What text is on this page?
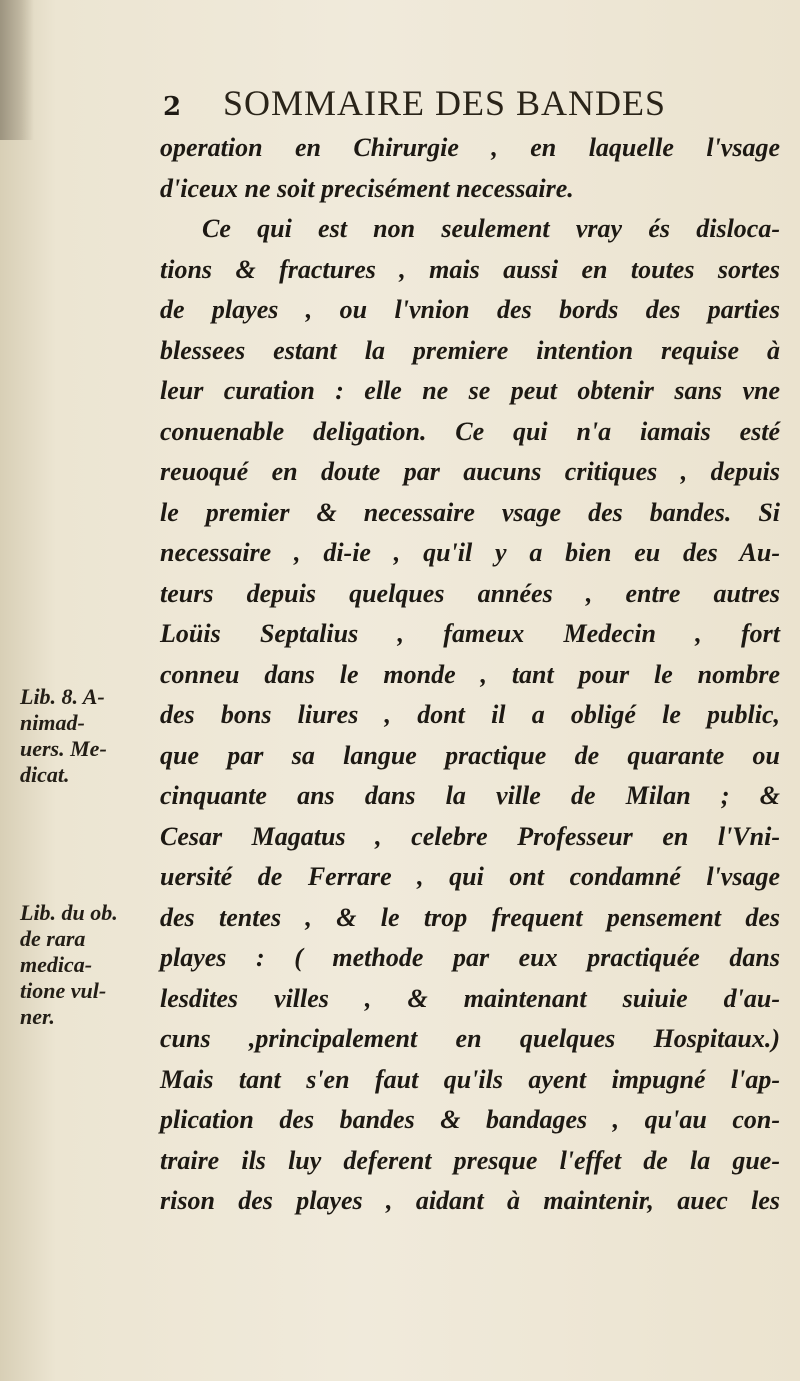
2	SOMMAIRE DES BANDES
operation en Chirurgie , en laquelle l'vsage
d'iceux ne soit precisément necessaire.
Ce qui est non seulement vray és disloca-
tions & fractures , mais aussi en toutes sortes
de playes , ou l'vnion des bords des parties
blessees estant la premiere intention requise à
leur curation : elle ne se peut obtenir sans vne
conuenable deligation. Ce qui n'a iamais esté
reuoqué en doute par aucuns critiques , depuis
le premier & necessaire vsage des bandes. Si
necessaire , di-ie , qu'il y a bien eu des Au-
teurs depuis quelques années , entre autres
Loüis Septalius , fameux Medecin , fort
conneu dans le monde , tant pour le nombre
des bons liures , dont il a obligé le public,
que par sa langue practique de quarante ou
cinquante ans dans la ville de Milan ; &
Cesar Magatus , celebre Professeur en l'Vni-
uersité de Ferrare , qui ont condamné l'vsage
des tentes , & le trop frequent pensement des
playes : ( methode par eux practiquée dans
lesdites villes , & maintenant suiuie d'au-
cuns ,principalement en quelques Hospitaux.)
Mais tant s'en faut qu'ils ayent impugné l'ap-
plication des bandes & bandages , qu'au con-
traire ils luy deferent presque l'effet de la gue-
rison des playes , aidant à maintenir, auec les
Lib. 8. A-
nimad-
uers. Me-
dicat.
Lib. du ob.
de rara
medica-
tione vul-
ner.
